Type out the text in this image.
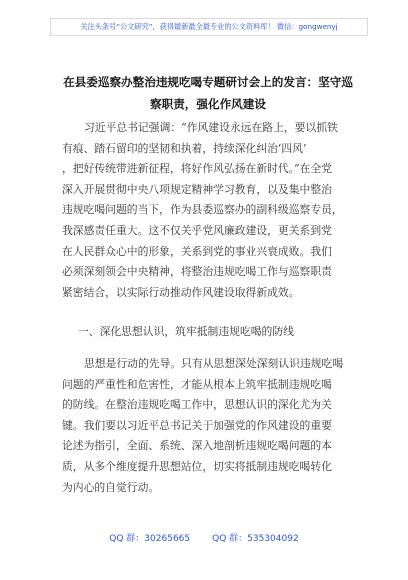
关注头条号“公文研究”，获得最新最全最专业的公文资料库！ 微信：gongwenyj
在县委巡察办整治违规吃喝专题研讨会上的发言：坚守巡
察职责，强化作风建设
习近平总书记强调：“作风建设永远在路上，要以抓铁
有痕、踏石留印的坚韧和执着，持续深化纠治‘四风’
，把好传统带进新征程，将好作风弘扬在新时代。”在全党
深入开展贯彻中央八项规定精神学习教育，以及集中整治
违规吃喝问题的当下，作为县委巡察办的副科级巡察专员，
我深感责任重大。这不仅关乎党风廉政建设，更关系到党
在人民群众心中的形象，关系到党的事业兴衰成败。我们
必须深刻领会中央精神，将整治违规吃喝工作与巡察职责
紧密结合，以实际行动推动作风建设取得新成效。
一、深化思想认识，筑牢抵制违规吃喝的防线
思想是行动的先导。只有从思想深处深刻认识违规吃喝
问题的严重性和危害性，才能从根本上筑牢抵制违规吃喝
的防线。在整治违规吃喝工作中，思想认识的深化尤为关
键。我们要以习近平总书记关于加强党的作风建设的重要
论述为指引，全面、系统、深入地剖析违规吃喝问题的本
质，从多个维度提升思想站位，切实将抵制违规吃喝转化
为内心的自觉行动。
QQ 群：30265665 QQ 群：535304092
